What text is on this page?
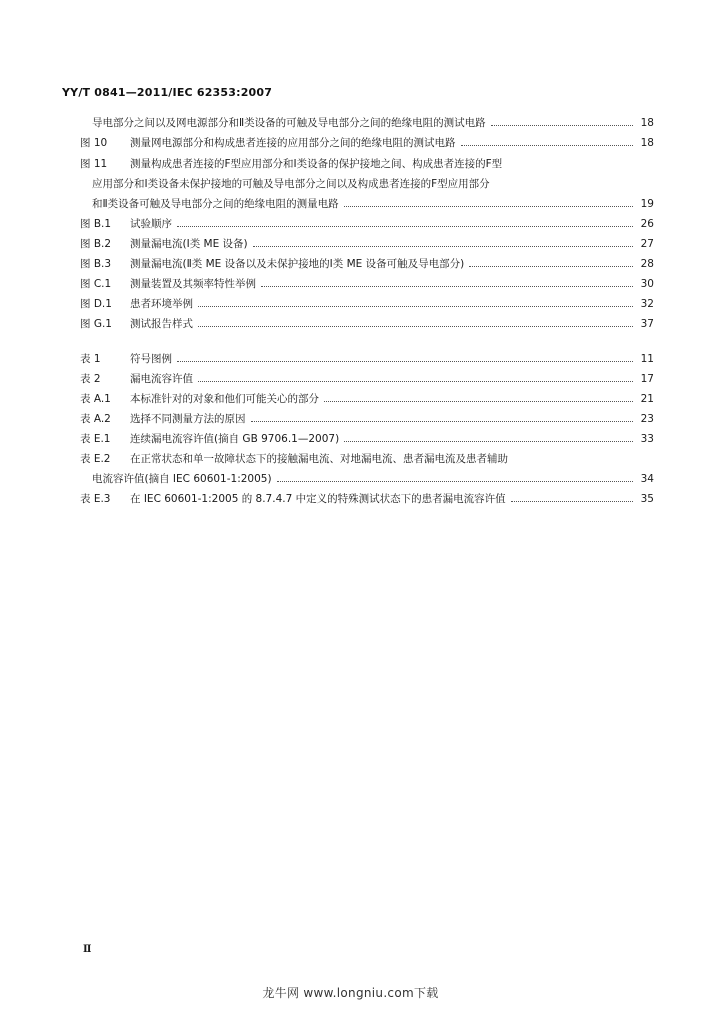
YY/T 0841—2011/IEC 62353:2007
导电部分之间以及网电源部分和Ⅱ类设备的可触及导电部分之间的绝缘电阻的测试电路	18
图 10	测量网电源部分和构成患者连接的应用部分之间的绝缘电阻的测试电路	18
图 11	测量构成患者连接的F型应用部分和Ⅰ类设备的保护接地之间、构成患者连接的F型
应用部分和Ⅰ类设备未保护接地的可触及导电部分之间以及构成患者连接的F型应用部分
和Ⅱ类设备可触及导电部分之间的绝缘电阻的测量电路	19
图 B.1	试验顺序	26
图 B.2	测量漏电流(Ⅰ类 ME 设备)	27
图 B.3	测量漏电流(Ⅱ类 ME 设备以及未保护接地的Ⅰ类 ME 设备可触及导电部分)	28
图 C.1	测量装置及其频率特性举例	30
图 D.1	患者环境举例	32
图 G.1	测试报告样式	37
表 1	符号图例	11
表 2	漏电流容许值	17
表 A.1	本标准针对的对象和他们可能关心的部分	21
表 A.2	选择不同测量方法的原因	23
表 E.1	连续漏电流容许值(摘自 GB 9706.1—2007)	33
表 E.2	在正常状态和单一故障状态下的接触漏电流、对地漏电流、患者漏电流及患者辅助
电流容许值(摘自 IEC 60601-1:2005)	34
表 E.3	在 IEC 60601-1:2005 的 8.7.4.7 中定义的特殊测试状态下的患者漏电流容许值	35
Ⅱ
龙牛网 www.longniu.com下载
